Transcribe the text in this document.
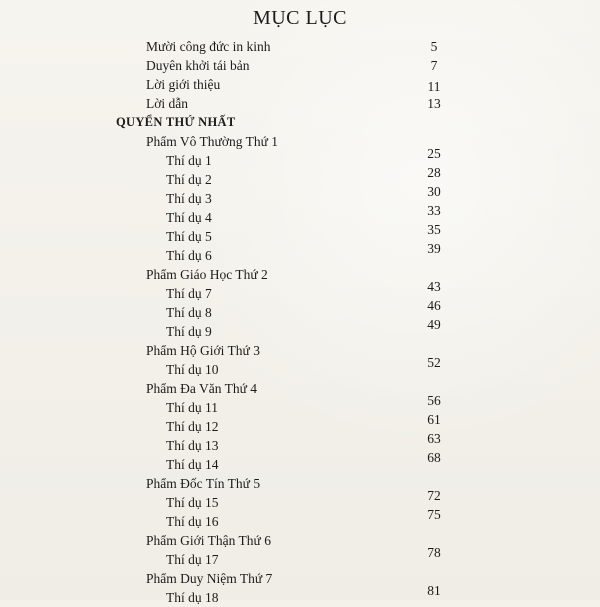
MỤC LỤC
Mười công đức in kinh	5
Duyên khởi tái bản	7
Lời giới thiệu	11
Lời dẫn	13
QUYỂN THỨ NHẤT
Phẩm Vô Thường Thứ 1
Thí dụ 1	25
Thí dụ 2	28
Thí dụ 3	30
Thí dụ 4	33
Thí dụ 5	35
Thí dụ 6	39
Phẩm Giáo Học Thứ 2
Thí dụ 7	43
Thí dụ 8	46
Thí dụ 9	49
Phẩm Hộ Giới Thứ 3
Thí dụ 10	52
Phẩm Đa Văn Thứ 4
Thí dụ 11	56
Thí dụ 12	61
Thí dụ 13	63
Thí dụ 14	68
Phẩm Đốc Tín Thứ 5
Thí dụ 15	72
Thí dụ 16	75
Phẩm Giới Thận Thứ 6
Thí dụ 17	78
Phẩm Duy Niệm Thứ 7
Thí dụ 18	81
